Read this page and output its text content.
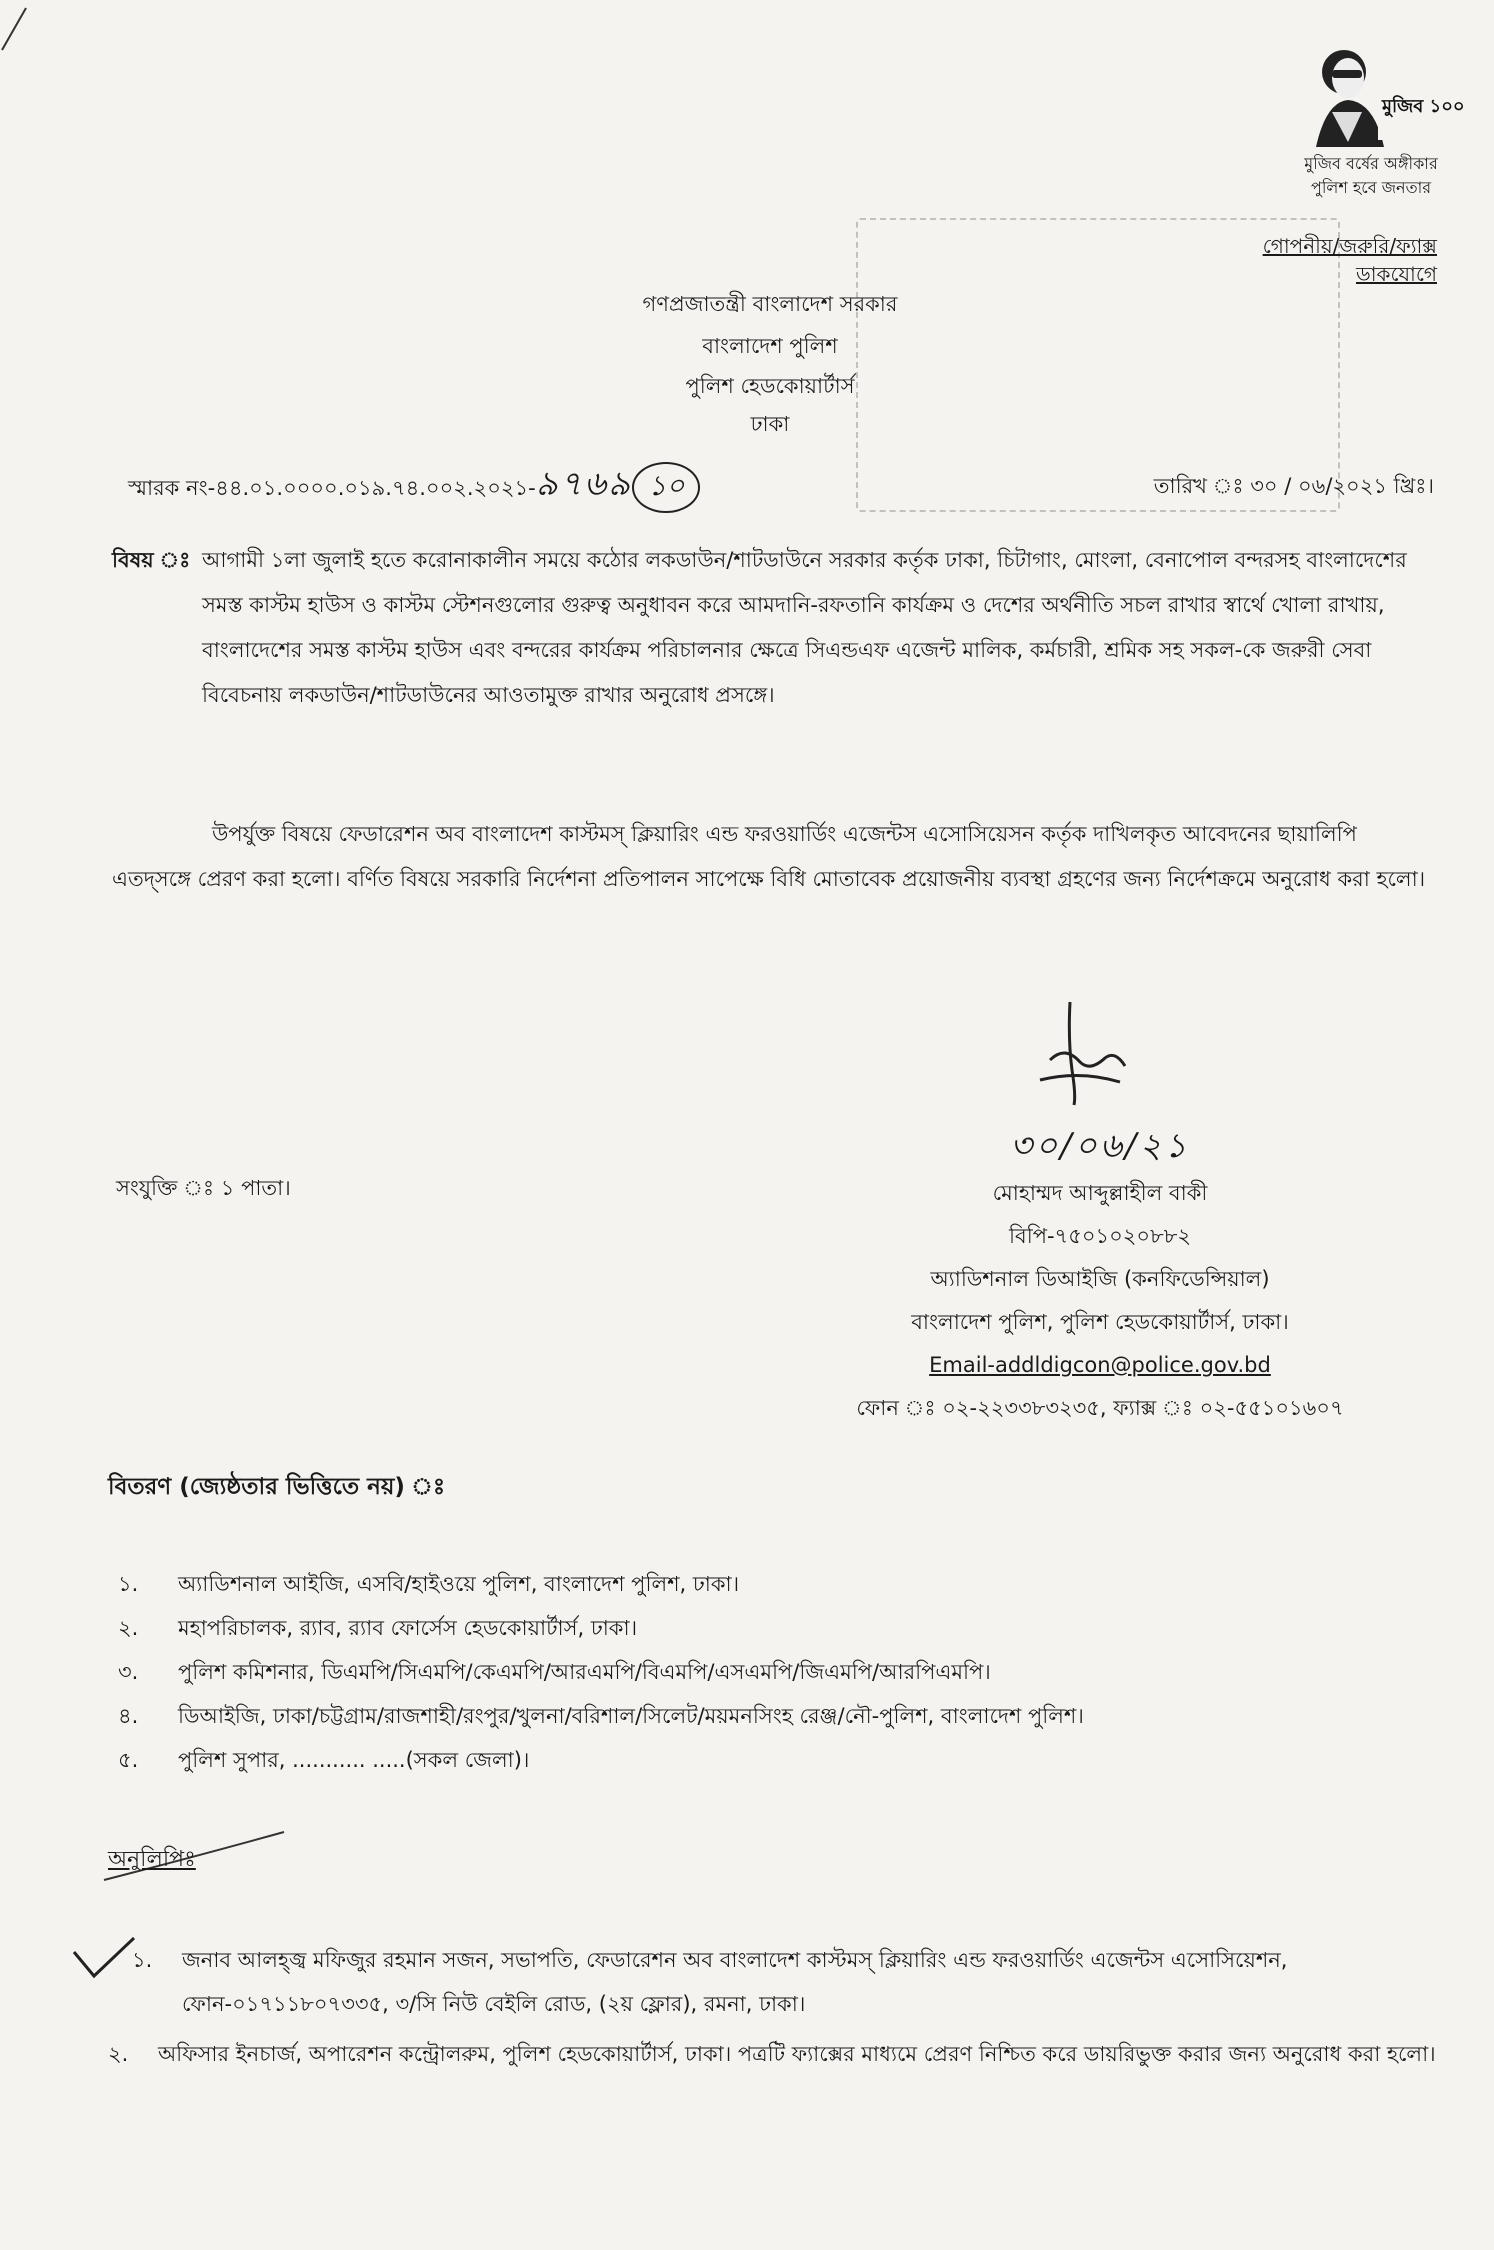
মুজিব ১০০
মুজিব বর্ষের অঙ্গীকার
পুলিশ হবে জনতার

গোপনীয়/জরুরি/ফ্যাক্স
ডাকযোগে
গণপ্রজাতন্ত্রী বাংলাদেশ সরকার
বাংলাদেশ পুলিশ
পুলিশ হেডকোয়ার্টার্স
ঢাকা
স্মারক নং-৪৪.০১.০০০০.০১৯.৭৪.০০২.২০২১-৯৭৬৯ ১০	তারিখ ঃ ৩০ / ০৬/২০২১ খ্রিঃ।
বিষয় ঃ আগামী ১লা জুলাই হতে করোনাকালীন সময়ে কঠোর লকডাউন/শাটডাউনে সরকার কর্তৃক ঢাকা, চিটাগাং, মোংলা, বেনাপোল বন্দরসহ বাংলাদেশের সমস্ত কাস্টম হাউস ও কাস্টম স্টেশনগুলোর গুরুত্ব অনুধাবন করে আমদানি-রফতানি কার্যক্রম ও দেশের অর্থনীতি সচল রাখার স্বার্থে খোলা রাখায়, বাংলাদেশের সমস্ত কাস্টম হাউস এবং বন্দরের কার্যক্রম পরিচালনার ক্ষেত্রে সিএন্ডএফ এজেন্ট মালিক, কর্মচারী, শ্রমিক সহ সকল-কে জরুরী সেবা বিবেচনায় লকডাউন/শাটডাউনের আওতামুক্ত রাখার অনুরোধ প্রসঙ্গে।
উপর্যুক্ত বিষয়ে ফেডারেশন অব বাংলাদেশ কাস্টমস্ ক্লিয়ারিং এন্ড ফরওয়ার্ডিং এজেন্টস এসোসিয়েসন কর্তৃক দাখিলকৃত আবেদনের ছায়ালিপি এতদ্‌সঙ্গে প্রেরণ করা হলো। বর্ণিত বিষয়ে সরকারি নির্দেশনা প্রতিপালন সাপেক্ষে বিধি মোতাবেক প্রয়োজনীয় ব্যবস্থা গ্রহণের জন্য নির্দেশক্রমে অনুরোধ করা হলো।
৩০/০৬/২১
সংযুক্তি ঃ ১ পাতা।	মোহাম্মদ আব্দুল্লাহীল বাকী
বিপি-৭৫০১০২০৮৮২
অ্যাডিশনাল ডিআইজি (কনফিডেন্সিয়াল)
বাংলাদেশ পুলিশ, পুলিশ হেডকোয়ার্টার্স, ঢাকা।
Email-addldigcon@police.gov.bd
ফোন ঃ ০২-২২৩৩৮৩২৩৫, ফ্যাক্স ঃ ০২-৫৫১০১৬০৭
বিতরণ (জ্যেষ্ঠতার ভিত্তিতে নয়) ঃ
১.	অ্যাডিশনাল আইজি, এসবি/হাইওয়ে পুলিশ, বাংলাদেশ পুলিশ, ঢাকা।
২.	মহাপরিচালক, র‍্যাব, র‍্যাব ফোর্সেস হেডকোয়ার্টার্স, ঢাকা।
৩.	পুলিশ কমিশনার, ডিএমপি/সিএমপি/কেএমপি/আরএমপি/বিএমপি/এসএমপি/জিএমপি/আরপিএমপি।
৪.	ডিআইজি, ঢাকা/চট্টগ্রাম/রাজশাহী/রংপুর/খুলনা/বরিশাল/সিলেট/ময়মনসিংহ রেঞ্জ/নৌ-পুলিশ, বাংলাদেশ পুলিশ।
৫.	পুলিশ সুপার, ........... .....(সকল জেলা)।
অনুলিপিঃ
১.	জনাব আলহ্জ্ব মফিজুর রহমান সজন, সভাপতি, ফেডারেশন অব বাংলাদেশ কাস্টমস্ ক্লিয়ারিং এন্ড ফরওয়ার্ডিং এজেন্টস এসোসিয়েশন, ফোন-০১৭১১৮০৭৩৩৫, ৩/সি নিউ বেইলি রোড, (২য় ফ্লোর), রমনা, ঢাকা।
২.	অফিসার ইনচার্জ, অপারেশন কন্ট্রোলরুম, পুলিশ হেডকোয়ার্টার্স, ঢাকা। পত্রটি ফ্যাক্সের মাধ্যমে প্রেরণ নিশ্চিত করে ডায়রিভুক্ত করার জন্য অনুরোধ করা হলো।
